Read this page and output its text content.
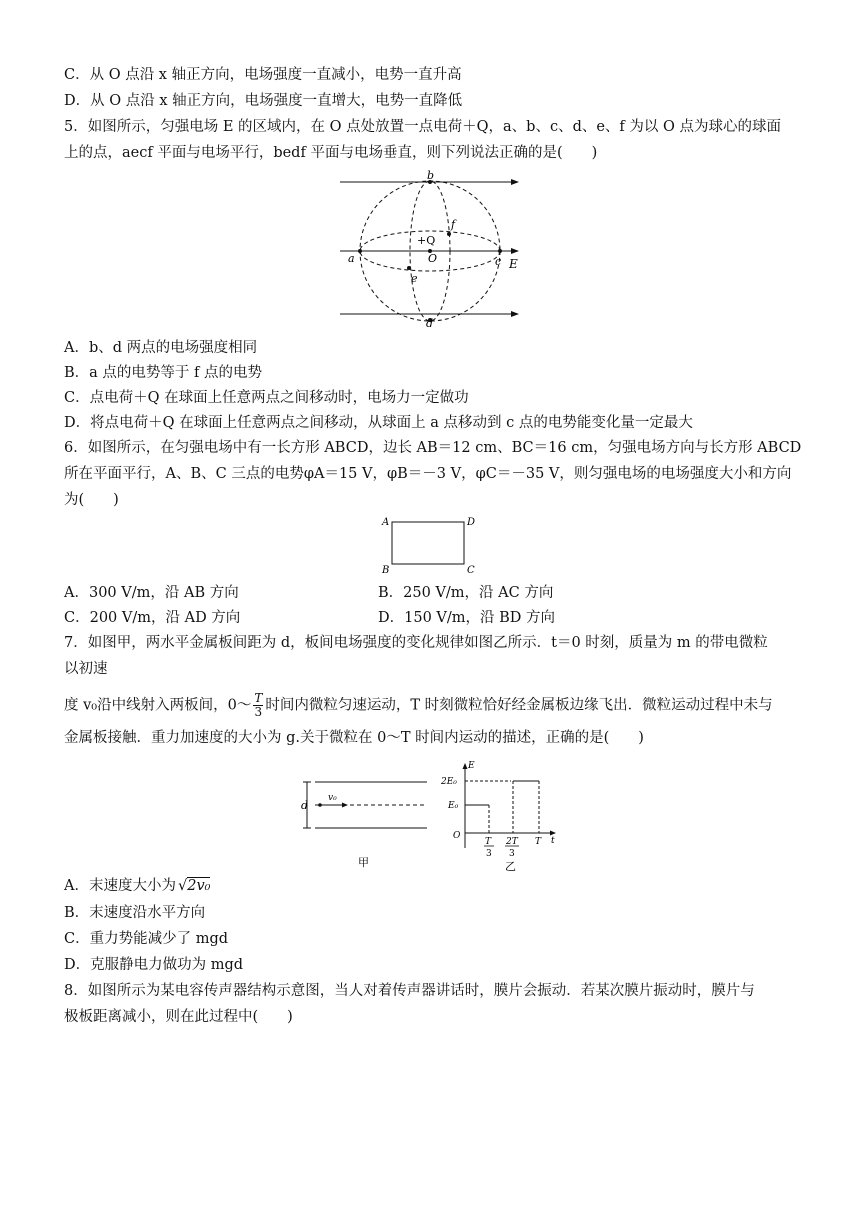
C．从 O 点沿 x 轴正方向，电场强度一直减小，电势一直升高
D．从 O 点沿 x 轴正方向，电场强度一直增大，电势一直降低
5．如图所示，匀强电场 E 的区域内，在 O 点处放置一点电荷＋Q，a、b、c、d、e、f 为以 O 点为球心的球面
上的点，aecf 平面与电场平行，bedf 平面与电场垂直，则下列说法正确的是(　　)
b
d
a	c
e
f
O
+Q
E
A．b、d 两点的电场强度相同
B．a 点的电势等于 f 点的电势
C．点电荷＋Q 在球面上任意两点之间移动时，电场力一定做功
D．将点电荷＋Q 在球面上任意两点之间移动，从球面上 a 点移动到 c 点的电势能变化量一定最大
6．如图所示，在匀强电场中有一长方形 ABCD，边长 AB＝12 cm、BC＝16 cm，匀强电场方向与长方形 ABCD
所在平面平行，A、B、C 三点的电势φA＝15 V，φB＝－3 V，φC＝－35 V，则匀强电场的电场强度大小和方向
为(　　)
A
B	C
D
A．300 V/m，沿 AB 方向	B．250 V/m，沿 AC 方向
C．200 V/m，沿 AD 方向	D．150 V/m，沿 BD 方向
7．如图甲，两水平金属板间距为 d，板间电场强度的变化规律如图乙所示．t＝0 时刻，质量为 m 的带电微粒
以初速
度 v₀沿中线射入两板间，0～ $\frac{T}{3}$ 时间内微粒匀速运动，T 时刻微粒恰好经金属板边缘飞出．微粒运动过程中未与
金属板接触．重力加速度的大小为 g.关于微粒在 0～T 时间内运动的描述，正确的是(　　)
d
v₀
甲
E
t
O
E₀
2E₀
T
3
2T
3
T
乙
A．末速度大小为 √2v₀
B．末速度沿水平方向
C．重力势能减少了 mgd
D．克服静电力做功为 mgd
8．如图所示为某电容传声器结构示意图，当人对着传声器讲话时，膜片会振动．若某次膜片振动时，膜片与
极板距离减小，则在此过程中(　　)
